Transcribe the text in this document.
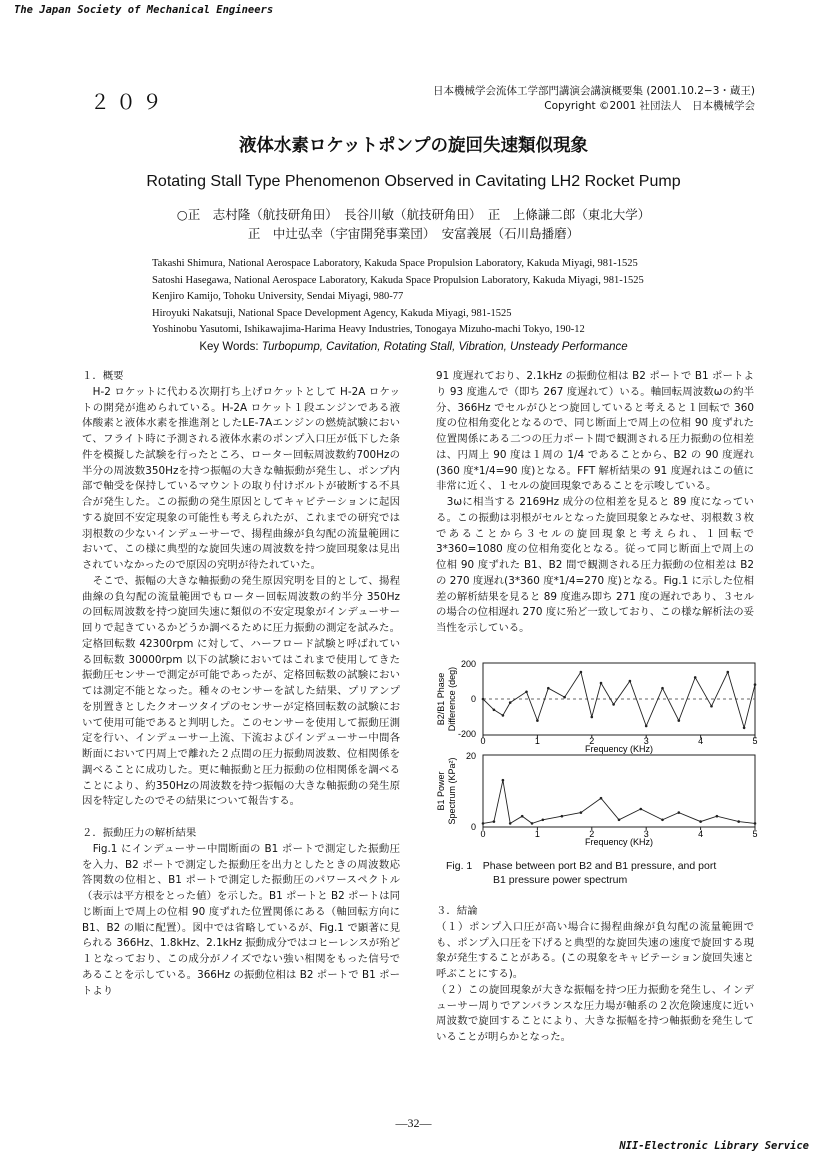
The Japan Society of Mechanical Engineers
NII-Electronic Library Service
２０９
日本機械学会流体工学部門講演会講演概要集 (2001.10.2−3・蔵王)
Copyright ©2001 社団法人　日本機械学会
液体水素ロケットポンプの旋回失速類似現象
Rotating Stall Type Phenomenon Observed in Cavitating LH2 Rocket Pump
○正　志村隆（航技研角田）　長谷川敏（航技研角田）　正　上條謙二郎（東北大学）
正　中辻弘幸（宇宙開発事業団）　安富義展（石川島播磨）
Takashi Shimura, National Aerospace Laboratory, Kakuda Space Propulsion Laboratory, Kakuda Miyagi, 981-1525
Satoshi Hasegawa, National Aerospace Laboratory, Kakuda Space Propulsion Laboratory, Kakuda Miyagi, 981-1525
Kenjiro Kamijo, Tohoku University, Sendai Miyagi, 980-77
Hiroyuki Nakatsuji, National Space Development Agency, Kakuda Miyagi, 981-1525
Yoshinobu Yasutomi, Ishikawajima-Harima Heavy Industries, Tonogaya Mizuho-machi Tokyo, 190-12
Key Words: Turbopump, Cavitation, Rotating Stall, Vibration, Unsteady Performance

１．概要

　H-2 ロケットに代わる次期打ち上げロケットとして H-2A ロケットの開発が進められている。H-2A ロケット１段エンジンである液体酸素と液体水素を推進剤としたLE-7Aエンジンの燃焼試験において、フライト時に予測される液体水素のポンプ入口圧が低下した条件を模擬した試験を行ったところ、ローター回転周波数約700Hzの半分の周波数350Hzを持つ振幅の大きな軸振動が発生し、ポンプ内部で軸受を保持しているマウントの取り付けボルトが破断する不具合が発生した。この振動の発生原因としてキャビテーションに起因する旋回不安定現象の可能性も考えられたが、これまでの研究では羽根数の少ないインデューサーで、揚程曲線が負勾配の流量範囲において、この様に典型的な旋回失速の周波数を持つ旋回現象は見出されていなかったので原因の究明が待たれていた。

　そこで、振幅の大きな軸振動の発生原因究明を目的として、揚程曲線の負勾配の流量範囲でもローター回転周波数の約半分 350Hz の回転周波数を持つ旋回失速に類似の不安定現象がインデューサー回りで起きているかどうか調べるために圧力振動の測定を試みた。定格回転数 42300rpm に対して、ハーフロード試験と呼ばれている回転数 30000rpm 以下の試験においてはこれまで使用してきた振動圧センサーで測定が可能であったが、定格回転数の試験においては測定不能となった。種々のセンサーを試した結果、プリアンプを別置きとしたクオーツタイプのセンサーが定格回転数の試験において使用可能であると判明した。このセンサーを使用して振動圧測定を行い、インデューサー上流、下流およびインデューサー中間各断面において円周上で離れた２点間の圧力振動周波数、位相関係を調べることに成功した。更に軸振動と圧力振動の位相関係を調べることにより、約350Hzの周波数を持つ振幅の大きな軸振動の発生原因を特定したのでその結果について報告する。

２．振動圧力の解析結果

　Fig.1 にインデューサー中間断面の B1 ポートで測定した振動圧を入力、B2 ポートで測定した振動圧を出力としたときの周波数応答関数の位相と、B1 ポートで測定した振動圧のパワースペクトル（表示は平方根をとった値）を示した。B1 ポートと B2 ポートは同じ断面上で周上の位相 90 度ずれた位置関係にある（軸回転方向に B1、B2 の順に配置）。図中では省略しているが、Fig.1 で顕著に見られる 366Hz、1.8kHz、2.1kHz 振動成分ではコヒーレンスが殆ど１となっており、この成分がノイズでない強い相関をもった信号であることを示している。366Hz の振動位相は B2 ポートで B1 ポートより

91 度遅れており、2.1kHz の振動位相は B2 ポートで B1 ポートより 93 度進んで（即ち 267 度遅れて）いる。軸回転周波数ωの約半分、366Hz でセルがひとつ旋回していると考えると１回転で 360 度の位相角変化となるので、同じ断面上で周上の位相 90 度ずれた位置関係にある二つの圧力ポート間で観測される圧力振動の位相差は、円周上 90 度は１周の 1/4 であることから、B2 の 90 度遅れ(360 度*1/4=90 度)となる。FFT 解析結果の 91 度遅れはこの値に非常に近く、１セルの旋回現象であることを示唆している。

　3ωに相当する 2169Hz 成分の位相差を見ると 89 度になっている。この振動は羽根がセルとなった旋回現象とみなせ、羽根数３枚であることから３セルの旋回現象と考えられ、１回転で 3*360=1080 度の位相角変化となる。従って同じ断面上で周上の位相 90 度ずれた B1、B2 間で観測される圧力振動の位相差は B2 の 270 度遅れ(3*360 度*1/4=270 度)となる。Fig.1 に示した位相差の解析結果を見ると 89 度進み即ち 271 度の遅れであり、３セルの場合の位相遅れ 270 度に殆ど一致しており、この様な解析法の妥当性を示している。

200
0
-200
B2/B1 Phase Difference (deg)
0	1	2	3	4	5
Frequency (KHz)
20
0
B1 Power Spectrum (KPa²)
0	1	2	3	4	5
Frequency (KHz)
Fig. 1　Phase between port B2 and B1 pressure, and port
B1 pressure power spectrum

３．結論

（１）ポンプ入口圧が高い場合に揚程曲線が負勾配の流量範囲でも、ポンプ入口圧を下げると典型的な旋回失速の速度で旋回する現象が発生することがある。(この現象をキャビテーション旋回失速と呼ぶことにする)。

（２）この旋回現象が大きな振幅を持つ圧力振動を発生し、インデューサー周りでアンバランスな圧力場が軸系の２次危険速度に近い周波数で旋回することにより、大きな振幅を持つ軸振動を発生していることが明らかとなった。

—32—
